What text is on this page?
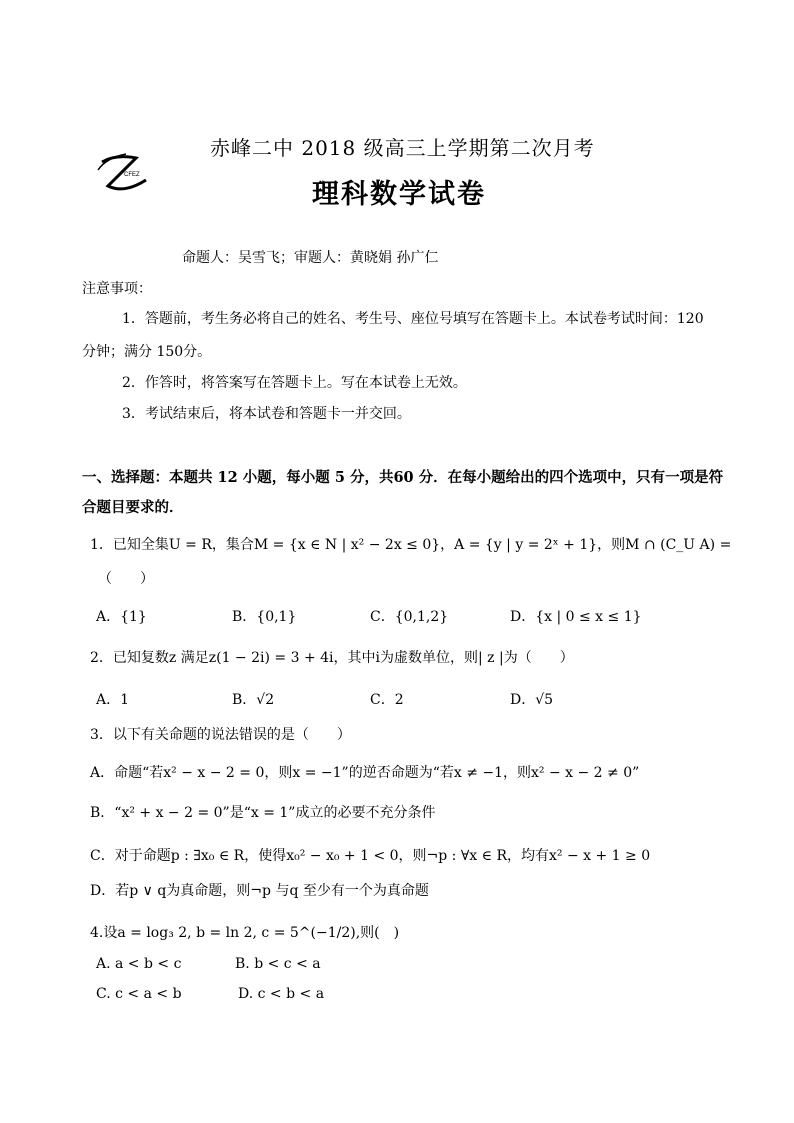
CFEZ
赤峰二中 2018 级高三上学期第二次月考
理科数学试卷
命题人：吴雪飞；审题人：黄晓娟 孙广仁
注意事项：
1．答题前，考生务必将自己的姓名、考生号、座位号填写在答题卡上。本试卷考试时间：120
分钟；满分 150分。
2．作答时，将答案写在答题卡上。写在本试卷上无效。
3．考试结束后，将本试卷和答题卡一并交回。
一、选择题：本题共 12 小题，每小题 5 分，共60 分．在每小题给出的四个选项中，只有一项是符
合题目要求的．
1．已知全集U = R，集合M = {x ∈ N | x² − 2x ≤ 0}，A = {y | y = 2ˣ + 1}，则M ∩ (C_U A) =
（　　）
A．{1}	B．{0,1}	C．{0,1,2}	D．{x | 0 ≤ x ≤ 1}
2．已知复数z 满足z(1 − 2i) = 3 + 4i，其中i为虚数单位，则| z |为（　　）
A．1	B．√2	C．2	D．√5
3．以下有关命题的说法错误的是（　　）
A．命题“若x² − x − 2 = 0，则x = −1”的逆否命题为“若x ≠ −1，则x² − x − 2 ≠ 0”
B．“x² + x − 2 = 0”是“x = 1”成立的必要不充分条件
C．对于命题p : ∃x₀ ∈ R，使得x₀² − x₀ + 1 < 0，则¬p : ∀x ∈ R，均有x² − x + 1 ≥ 0
D．若p ∨ q为真命题，则¬p 与q 至少有一个为真命题
4.设a = log₃ 2, b = ln 2, c = 5^(−1/2),则(　)
A. a < b < c	B. b < c < a
C. c < a < b	D. c < b < a
